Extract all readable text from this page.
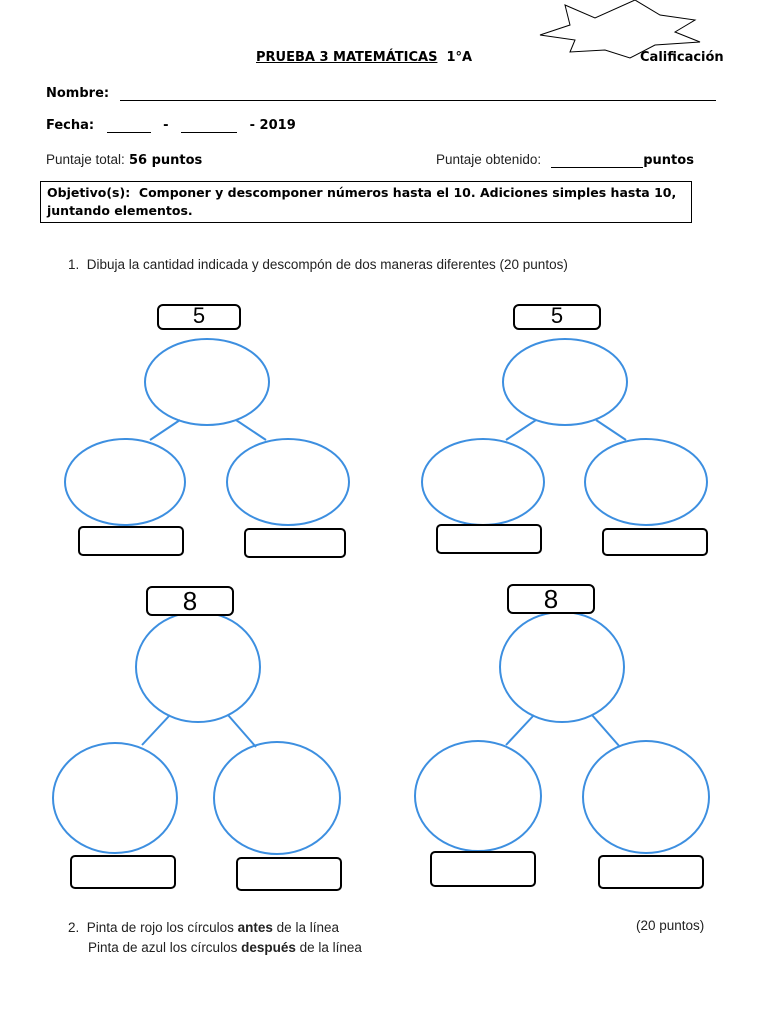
PRUEBA 3 MATEMÁTICAS 1°A	Calificación
Nombre:
Fecha:	-	- 2019
Puntaje total: 56 puntos	Puntaje obtenido:	puntos
Objetivo(s): Componer y descomponer números hasta el 10. Adiciones simples hasta 10, juntando elementos.
1. Dibuja la cantidad indicada y descompón de dos maneras diferentes (20 puntos)
5	5
8	8
2. Pinta de rojo los círculos antes de la línea
Pinta de azul los círculos después de la línea
(20 puntos)
